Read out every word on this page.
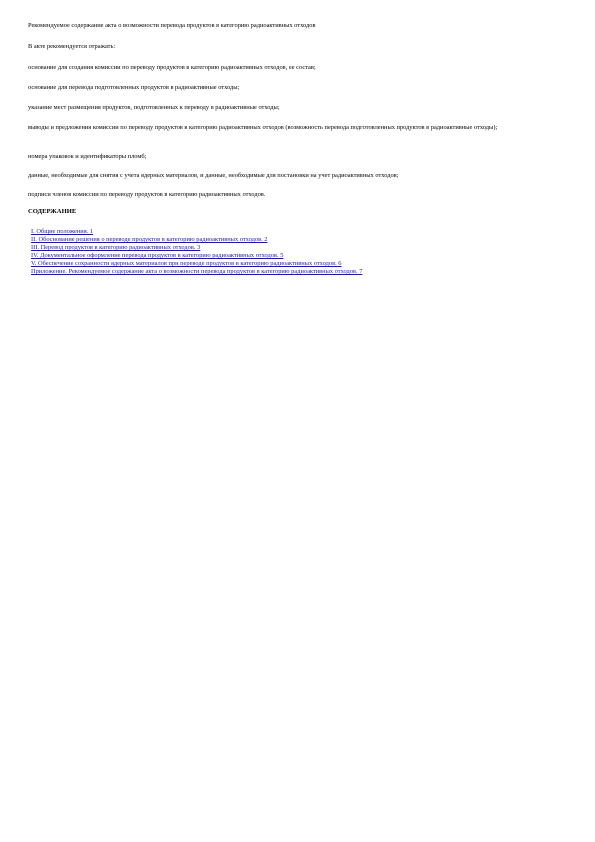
Рекомендуемое содержание акта о возможности перевода продуктов в категорию радиоактивных отходов

В акте рекомендуется отражать:

основание для создания комиссии по переводу продуктов в категорию радиоактивных отходов, ее состав;

основание для перевода подготовленных продуктов в радиоактивные отходы;

указание мест размещения продуктов, подготовленных к переводу в радиоактивные отходы;

выводы и предложения комиссии по переводу продуктов в категорию радиоактивных отходов (возможность перевода подготовленных продуктов в радиоактивные отходы);

номера упаковок и идентификаторы пломб;

данные, необходимые для снятия с учета ядерных материалов, и данные, необходимые для постановки на учет радиоактивных отходов;

подписи членов комиссии по переводу продуктов в категорию радиоактивных отходов.

СОДЕРЖАНИЕ

I. Общие положения. 1
II. Обоснование решения о переводе продуктов в категорию радиоактивных отходов. 2
III. Перевод продуктов в категорию радиоактивных отходов. 3
IV. Документальное оформление перевода продуктов в категорию радиоактивных отходов. 5
V. Обеспечение сохранности ядерных материалов при переводе продуктов в категорию радиоактивных отходов. 6
Приложение. Рекомендуемое содержание акта о возможности перевода продуктов в категорию радиоактивных отходов. 7
